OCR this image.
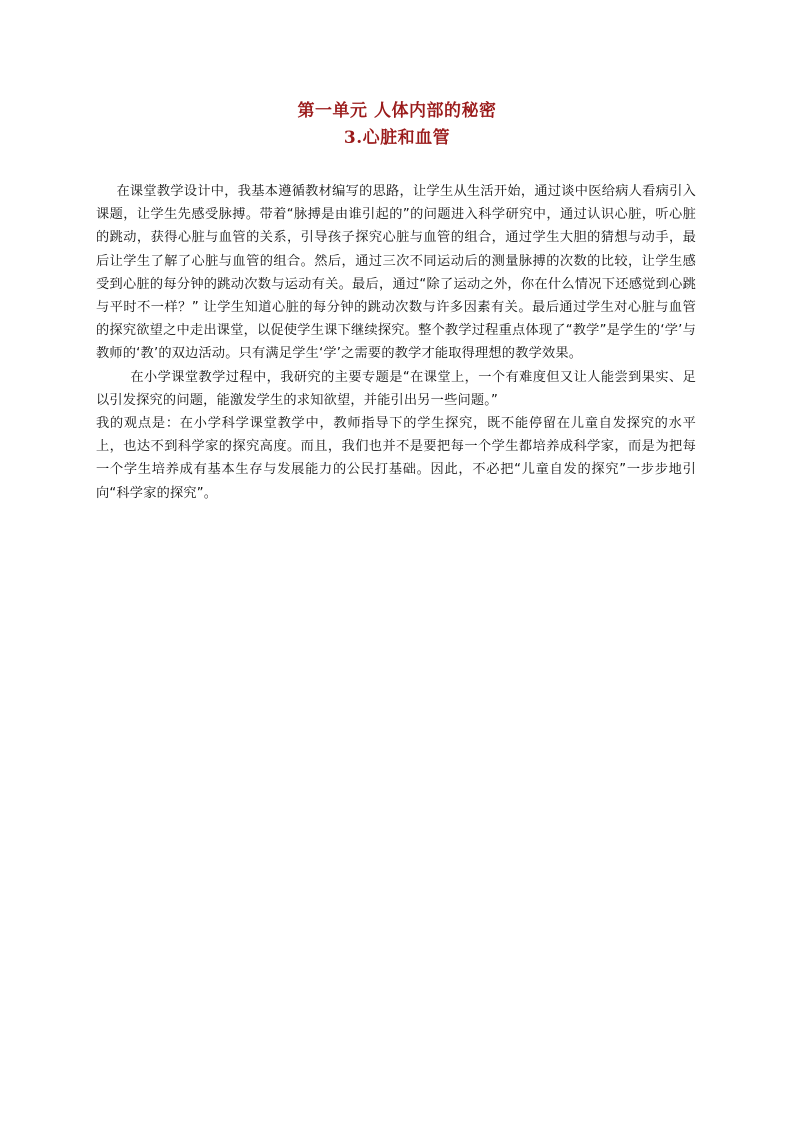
第一单元 人体内部的秘密
3.心脏和血管

在课堂教学设计中，我基本遵循教材编写的思路，让学生从生活开始，通过谈中医给病人看病引入课题，让学生先感受脉搏。带着“脉搏是由谁引起的”的问题进入科学研究中，通过认识心脏，听心脏的跳动，获得心脏与血管的关系，引导孩子探究心脏与血管的组合，通过学生大胆的猜想与动手，最后让学生了解了心脏与血管的组合。然后，通过三次不同运动后的测量脉搏的次数的比较，让学生感受到心脏的每分钟的跳动次数与运动有关。最后，通过“除了运动之外，你在什么情况下还感觉到心跳与平时不一样？” 让学生知道心脏的每分钟的跳动次数与许多因素有关。最后通过学生对心脏与血管的探究欲望之中走出课堂，以促使学生课下继续探究。整个教学过程重点体现了“教学”是学生的‘学’与教师的‘教’的双边活动。只有满足学生‘学’之需要的教学才能取得理想的教学效果。

在小学课堂教学过程中，我研究的主要专题是“在课堂上，一个有难度但又让人能尝到果实、足以引发探究的问题，能激发学生的求知欲望，并能引出另一些问题。”

我的观点是：在小学科学课堂教学中，教师指导下的学生探究，既不能停留在儿童自发探究的水平上，也达不到科学家的探究高度。而且，我们也并不是要把每一个学生都培养成科学家，而是为把每一个学生培养成有基本生存与发展能力的公民打基础。因此，不必把“儿童自发的探究”一步步地引向“科学家的探究”。
